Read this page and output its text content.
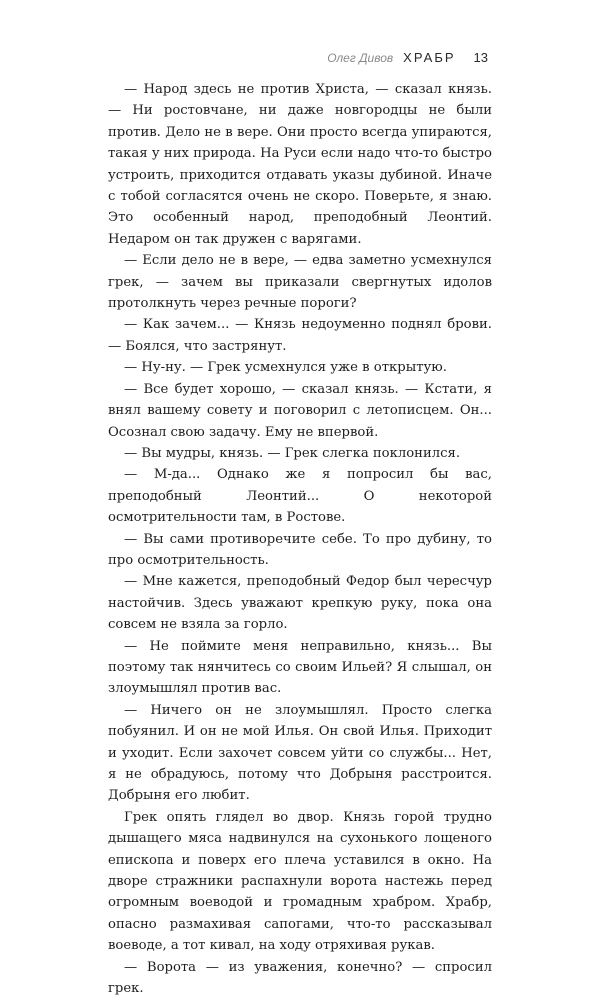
Олег Дивов ХРАБР 13

— Народ здесь не против Христа, — сказал князь. — Ни ростовчане, ни даже новгородцы не были против. Дело не в вере. Они просто всегда упираются, такая у них природа. На Руси если надо что-то быстро устроить, приходится отдавать указы дубиной. Иначе с тобой согласятся очень не скоро. Поверьте, я знаю. Это особенный народ, преподобный Леонтий. Недаром он так дружен с варягами.

— Если дело не в вере, — едва заметно усмехнулся грек, — зачем вы приказали свергнутых идолов протолкнуть через речные пороги?

— Как зачем... — Князь недоуменно поднял брови. — Боялся, что застрянут.

— Ну-ну. — Грек усмехнулся уже в открытую.

— Все будет хорошо, — сказал князь. — Кстати, я внял вашему совету и поговорил с летописцем. Он... Осознал свою задачу. Ему не впервой.

— Вы мудры, князь. — Грек слегка поклонился.

— М-да... Однако же я попросил бы вас, преподобный Леонтий... О некоторой осмотрительности там, в Ростове.

— Вы сами противоречите себе. То про дубину, то про осмотрительность.

— Мне кажется, преподобный Федор был чересчур настойчив. Здесь уважают крепкую руку, пока она совсем не взяла за горло.

— Не поймите меня неправильно, князь... Вы поэтому так нянчитесь со своим Ильей? Я слышал, он злоумышлял против вас.

— Ничего он не злоумышлял. Просто слегка побуянил. И он не мой Илья. Он свой Илья. Приходит и уходит. Если захочет совсем уйти со службы... Нет, я не обрадуюсь, потому что Добрыня расстроится. Добрыня его любит.

Грек опять глядел во двор. Князь горой трудно дышащего мяса надвинулся на сухонького лощеного епископа и поверх его плеча уставился в окно. На дворе стражники распахнули ворота настежь перед огромным воеводой и громадным храбром. Храбр, опасно размахивая сапогами, что-то рассказывал воеводе, а тот кивал, на ходу отряхивая рукав.

— Ворота — из уважения, конечно? — спросил грек.
